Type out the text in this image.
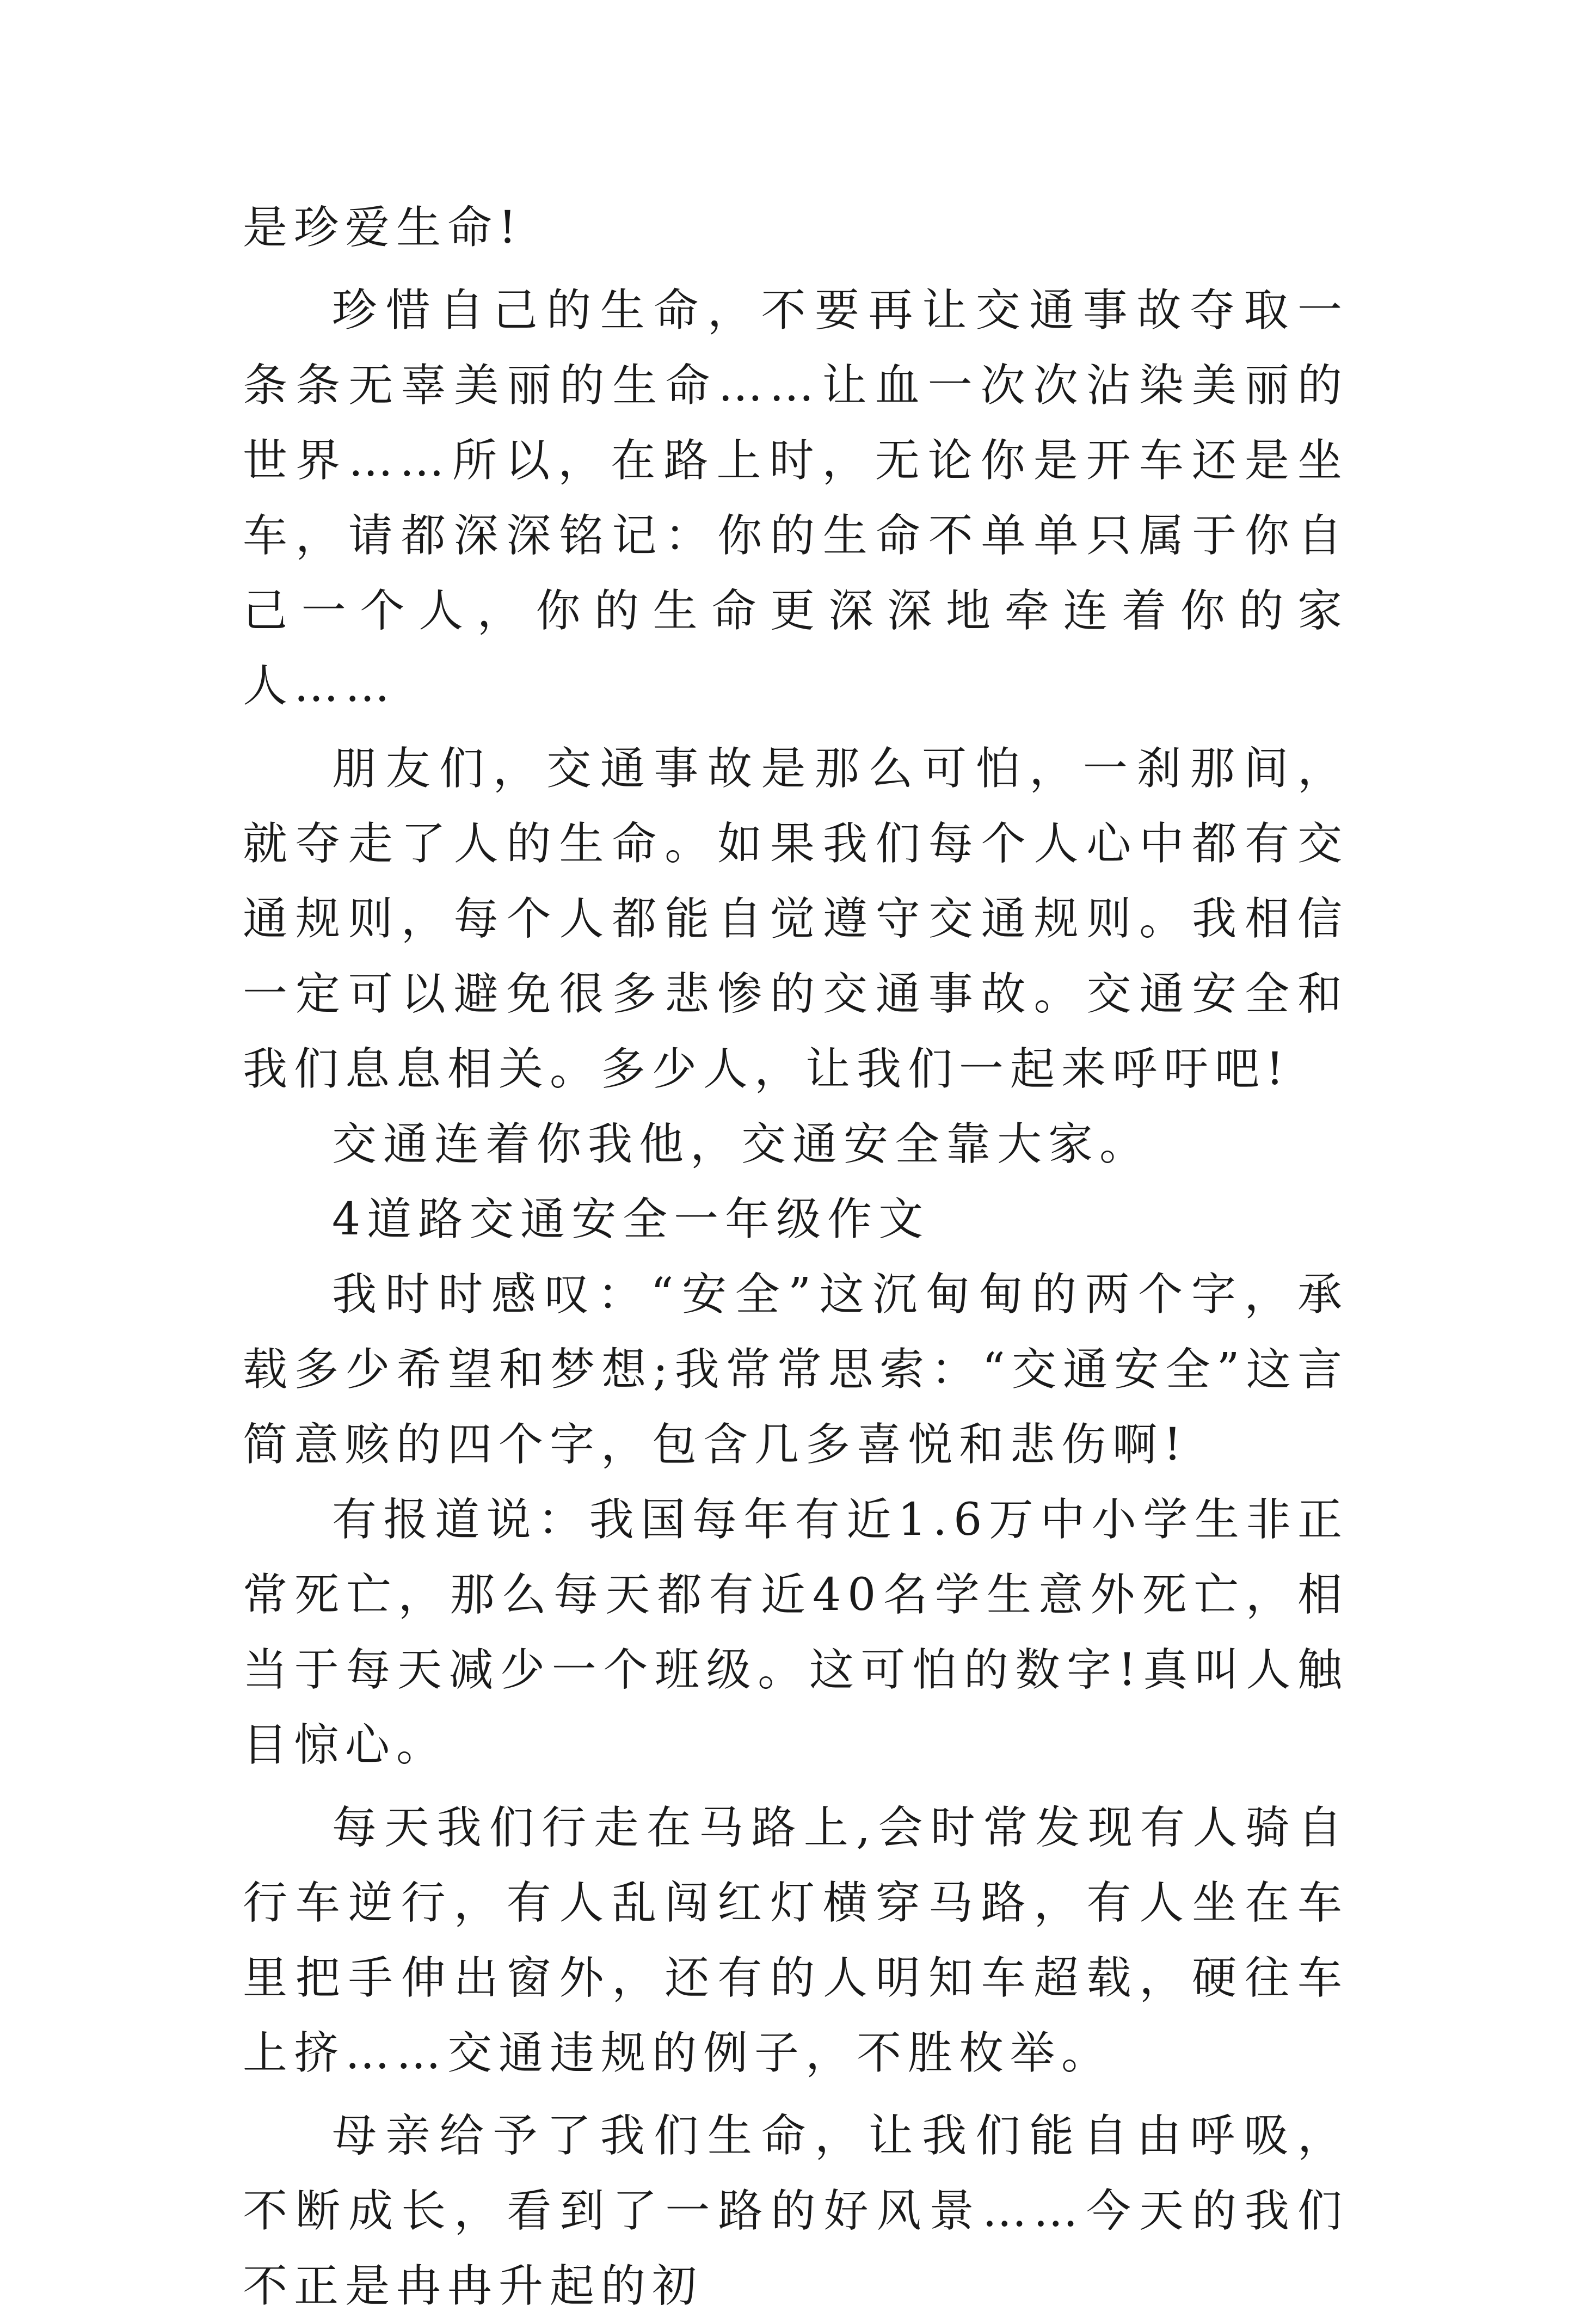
是珍爱生命!

珍惜自己的生命，不要再让交通事故夺取一条条无辜美丽的生命……让血一次次沾染美丽的世界……所以，在路上时，无论你是开车还是坐车，请都深深铭记：你的生命不单单只属于你自己一个人，你的生命更深深地牵连着你的家人……

朋友们，交通事故是那么可怕，一刹那间，就夺走了人的生命。如果我们每个人心中都有交通规则，每个人都能自觉遵守交通规则。我相信一定可以避免很多悲惨的交通事故。交通安全和我们息息相关。多少人，让我们一起来呼吁吧!

交通连着你我他，交通安全靠大家。

4道路交通安全一年级作文

我时时感叹：“安全”这沉甸甸的两个字，承载多少希望和梦想;我常常思索：“交通安全”这言简意赅的四个字，包含几多喜悦和悲伤啊!

有报道说：我国每年有近1.6万中小学生非正常死亡，那么每天都有近40名学生意外死亡，相当于每天减少一个班级。这可怕的数字!真叫人触目惊心。

每天我们行走在马路上,会时常发现有人骑自行车逆行，有人乱闯红灯横穿马路，有人坐在车里把手伸出窗外，还有的人明知车超载，硬往车上挤……交通违规的例子，不胜枚举。

母亲给予了我们生命，让我们能自由呼吸，不断成长，看到了一路的好风景……今天的我们不正是冉冉升起的初
